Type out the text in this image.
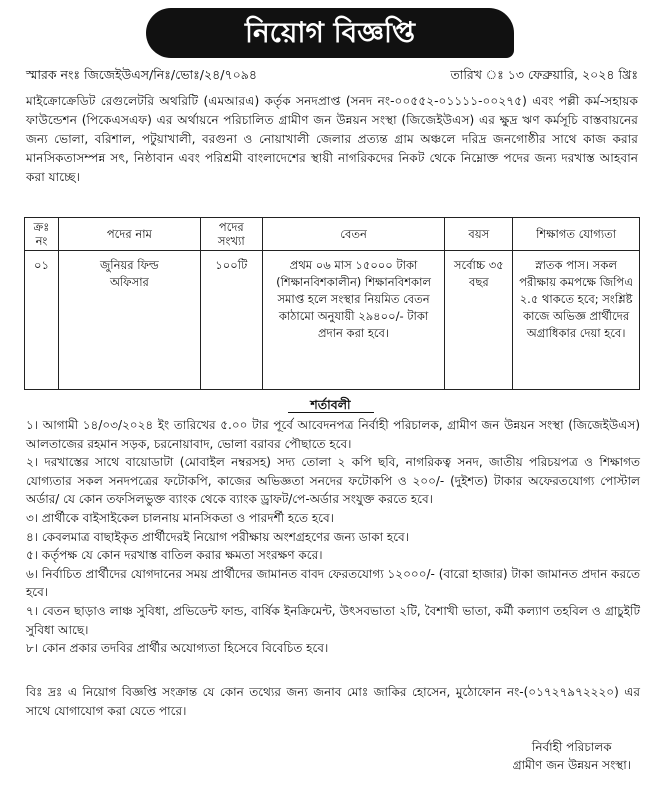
নিয়োগ বিজ্ঞপ্তি
স্মারক নংঃ জিজেইউএস/নিঃ/ভোঃ/২৪/৭০৯৪	তারিখ ঃ ১৩ ফেব্রুয়ারি, ২০২৪ খ্রিঃ
মাইক্রোক্রেডিট রেগুলেটরি অথরিটি (এমআরএ) কর্তৃক সনদপ্রাপ্ত (সনদ নং-০০৫৫২-০১১১১-০০২৭৫) এবং পল্লী কর্ম-সহায়ক ফাউন্ডেশন (পিকেএসএফ) এর অর্থায়নে পরিচালিত গ্রামীণ জন উন্নয়ন সংস্থা (জিজেইউএস) এর ক্ষুদ্র ঋণ কর্মসূচি বাস্তবায়নের জন্য ভোলা, বরিশাল, পটুয়াখালী, বরগুনা ও নোয়াখালী জেলার প্রত্যন্ত গ্রাম অঞ্চলে দরিদ্র জনগোষ্ঠীর সাথে কাজ করার মানসিকতাসম্পন্ন সৎ, নিষ্ঠাবান এবং পরিশ্রমী বাংলাদেশের স্থায়ী নাগরিকদের নিকট থেকে নিম্নোক্ত পদের জন্য দরখাস্ত আহবান করা যাচ্ছে।
ক্রঃ নং	পদের নাম	পদের সংখ্যা	বেতন	বয়স	শিক্ষাগত যোগ্যতা
০১	জুনিয়র ফিল্ড অফিসার	১০০টি	প্রথম ০৬ মাস ১৫০০০ টাকা (শিক্ষানবিশকালীন) শিক্ষানবিশকাল সমাপ্ত হলে সংস্থার নিয়মিত বেতন কাঠামো অনুযায়ী ২৯৪০০/- টাকা প্রদান করা হবে।	সর্বোচ্চ ৩৫ বছর	স্নাতক পাস। সকল পরীক্ষায় কমপক্ষে জিপিএ ২.৫ থাকতে হবে; সংশ্লিষ্ট কাজে অভিজ্ঞ প্রার্থীদের অগ্রাধিকার দেয়া হবে।
শর্তাবলী
১। আগামী ১৪/০৩/২০২৪ ইং তারিখের ৫.০০ টার পূর্বে আবেদনপত্র নির্বাহী পরিচালক, গ্রামীণ জন উন্নয়ন সংস্থা (জিজেইউএস) আলতাজের রহমান সড়ক, চরনোয়াবাদ, ভোলা বরাবর পৌছাতে হবে।
২। দরখাস্তের সাথে বায়োডাটা (মোবাইল নম্বরসহ) সদ্য তোলা ২ কপি ছবি, নাগরিকত্ব সনদ, জাতীয় পরিচয়পত্র ও শিক্ষাগত যোগ্যতার সকল সনদপত্রের ফটোকপি, কাজের অভিজ্ঞতা সনদের ফটোকপি ও ২০০/- (দুইশত) টাকার অফেরতযোগ্য পোস্টাল অর্ডার/ যে কোন তফসিলভুক্ত ব্যাংক থেকে ব্যাংক ড্রাফট/পে-অর্ডার সংযুক্ত করতে হবে।
৩। প্রার্থীকে বাইসাইকেল চালনায় মানসিকতা ও পারদর্শী হতে হবে।
৪। কেবলমাত্র বাছাইকৃত প্রার্থীদেরই নিয়োগ পরীক্ষায় অংশগ্রহণের জন্য ডাকা হবে।
৫। কর্তৃপক্ষ যে কোন দরখাস্ত বাতিল করার ক্ষমতা সংরক্ষণ করে।
৬। নির্বাচিত প্রার্থীদের যোগদানের সময় প্রার্থীদের জামানত বাবদ ফেরতযোগ্য ১২০০০/- (বারো হাজার) টাকা জামানত প্রদান করতে হবে।
৭। বেতন ছাড়াও লাঞ্চ সুবিধা, প্রভিডেন্ট ফান্ড, বার্ষিক ইনক্রিমেন্ট, উৎসবভাতা ২টি, বৈশাখী ভাতা, কর্মী কল্যাণ তহবিল ও গ্রাচুইটি সুবিধা আছে।
৮। কোন প্রকার তদবির প্রার্থীর অযোগ্যতা হিসেবে বিবেচিত হবে।
বিঃ দ্রঃ এ নিয়োগ বিজ্ঞপ্তি সংক্রান্ত যে কোন তথ্যের জন্য জনাব মোঃ জাকির হোসেন, মুঠোফোন নং-(০১৭২৭৯৭২২২০) এর সাথে যোগাযোগ করা যেতে পারে।
নির্বাহী পরিচালক
গ্রামীণ জন উন্নয়ন সংস্থা।
